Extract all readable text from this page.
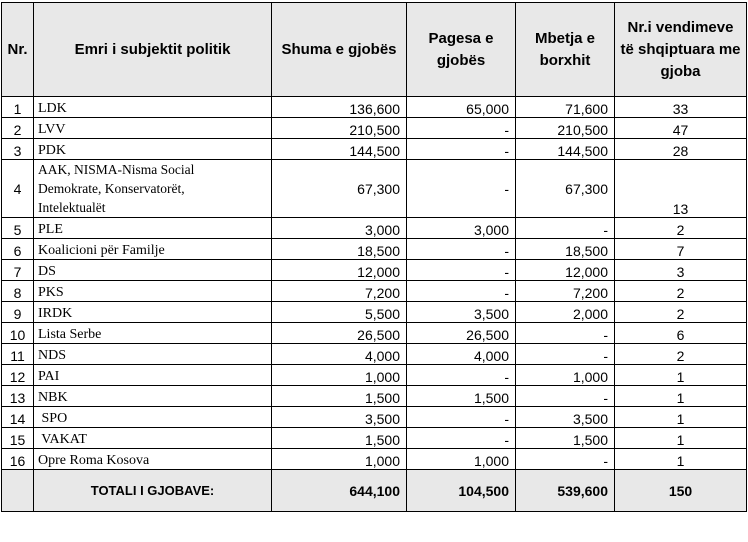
Nr.	Emri i subjektit politik	Shuma e gjobës	Pagesa e gjobës	Mbetja e borxhit	Nr.i vendimeve të shqiptuara me gjoba
1	LDK	136,600	65,000	71,600	33
2	LVV	210,500	-	210,500	47
3	PDK	144,500	-	144,500	28
4	AAK, NISMA-Nisma Social
Demokrate, Konservatorët,
Intelektualët	67,300	-	67,300	13
5	PLE	3,000	3,000	-	2
6	Koalicioni për Familje	18,500	-	18,500	7
7	DS	12,000	-	12,000	3
8	PKS	7,200	-	7,200	2
9	IRDK	5,500	3,500	2,000	2
10	Lista Serbe	26,500	26,500	-	6
11	NDS	4,000	4,000	-	2
12	PAI	1,000	-	1,000	1
13	NBK	1,500	1,500	-	1
14	SPO	3,500	-	3,500	1
15	VAKAT	1,500	-	1,500	1
16	Opre Roma Kosova	1,000	1,000	-	1
	TOTALI I GJOBAVE:	644,100	104,500	539,600	150
